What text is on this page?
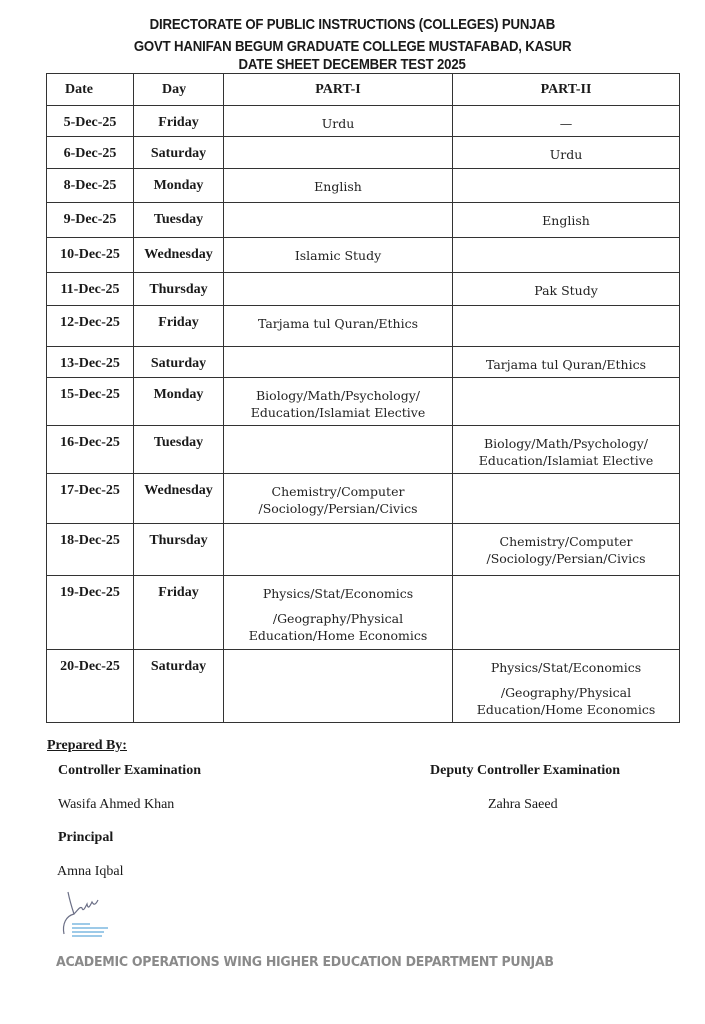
DIRECTORATE OF PUBLIC INSTRUCTIONS (COLLEGES) PUNJAB
GOVT HANIFAN BEGUM GRADUATE COLLEGE MUSTAFABAD, KASUR
DATE SHEET DECEMBER TEST 2025
Date	Day	PART-I	PART-II
5-Dec-25	Friday	Urdu	—

6-Dec-25	Saturday		Urdu

8-Dec-25	Monday	English	

9-Dec-25	Tuesday		English

10-Dec-25	Wednesday	Islamic Study	

11-Dec-25	Thursday		Pak Study

12-Dec-25	Friday	Tarjama tul Quran/Ethics	

13-Dec-25	Saturday		Tarjama tul Quran/Ethics

15-Dec-25	Monday	Biology/Math/Psychology/
Education/Islamiat Elective	

16-Dec-25	Tuesday		Biology/Math/Psychology/
Education/Islamiat Elective

17-Dec-25	Wednesday	Chemistry/Computer
/Sociology/Persian/Civics	

18-Dec-25	Thursday		Chemistry/Computer
/Sociology/Persian/Civics

19-Dec-25	Friday	Physics/Stat/Economics
/Geography/Physical
Education/Home Economics	

20-Dec-25	Saturday		Physics/Stat/Economics
/Geography/Physical
Education/Home Economics
Prepared By:
Controller Examination
Wasifa Ahmed Khan
Deputy Controller Examination
Zahra Saeed
Principal
Amna Iqbal
ACADEMIC OPERATIONS WING HIGHER EDUCATION DEPARTMENT PUNJAB
